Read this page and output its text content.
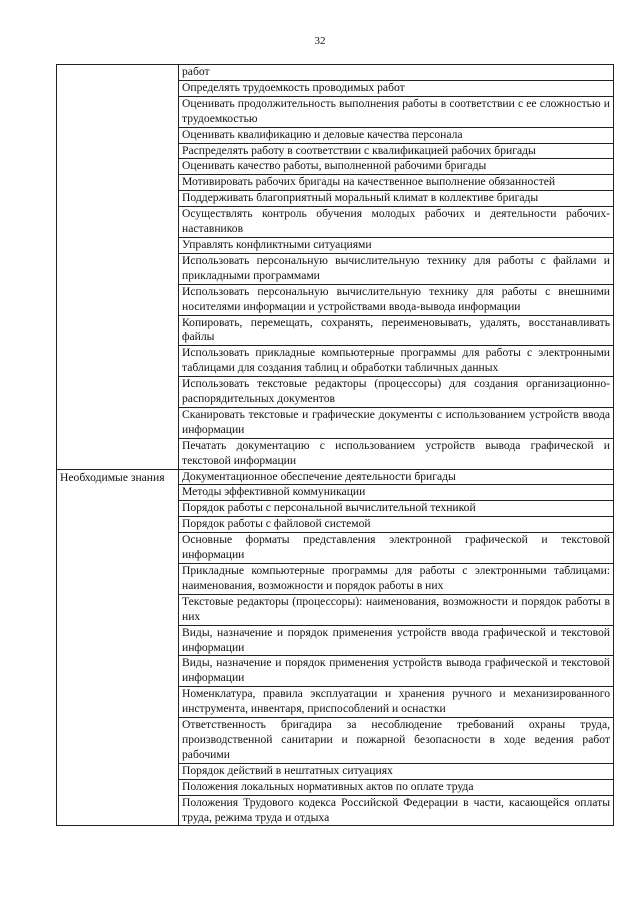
32
	работ
	Определять трудоемкость проводимых работ
	Оценивать продолжительность выполнения работы в соответствии с ее сложностью и трудоемкостью
	Оценивать квалификацию и деловые качества персонала
	Распределять работу в соответствии с квалификацией рабочих бригады
	Оценивать качество работы, выполненной рабочими бригады
	Мотивировать рабочих бригады на качественное выполнение обязанностей
	Поддерживать благоприятный моральный климат в коллективе бригады
	Осуществлять контроль обучения молодых рабочих и деятельности рабочих-наставников
	Управлять конфликтными ситуациями
	Использовать персональную вычислительную технику для работы с файлами и прикладными программами
	Использовать персональную вычислительную технику для работы с внешними носителями информации и устройствами ввода-вывода информации
	Копировать, перемещать, сохранять, переименовывать, удалять, восстанавливать файлы
	Использовать прикладные компьютерные программы для работы с электронными таблицами для создания таблиц и обработки табличных данных
	Использовать текстовые редакторы (процессоры) для создания организационно-распорядительных документов
	Сканировать текстовые и графические документы с использованием устройств ввода информации
	Печатать документацию с использованием устройств вывода графической и текстовой информации
Необходимые знания	Документационное обеспечение деятельности бригады
	Методы эффективной коммуникации
	Порядок работы с персональной вычислительной техникой
	Порядок работы с файловой системой
	Основные форматы представления электронной графической и текстовой информации
	Прикладные компьютерные программы для работы с электронными таблицами: наименования, возможности и порядок работы в них
	Текстовые редакторы (процессоры): наименования, возможности и порядок работы в них
	Виды, назначение и порядок применения устройств ввода графической и текстовой информации
	Виды, назначение и порядок применения устройств вывода графической и текстовой информации
	Номенклатура, правила эксплуатации и хранения ручного и механизированного инструмента, инвентаря, приспособлений и оснастки
	Ответственность бригадира за несоблюдение требований охраны труда, производственной санитарии и пожарной безопасности в ходе ведения работ рабочими
	Порядок действий в нештатных ситуациях
	Положения локальных нормативных актов по оплате труда
	Положения Трудового кодекса Российской Федерации в части, касающейся оплаты труда, режима труда и отдыха
